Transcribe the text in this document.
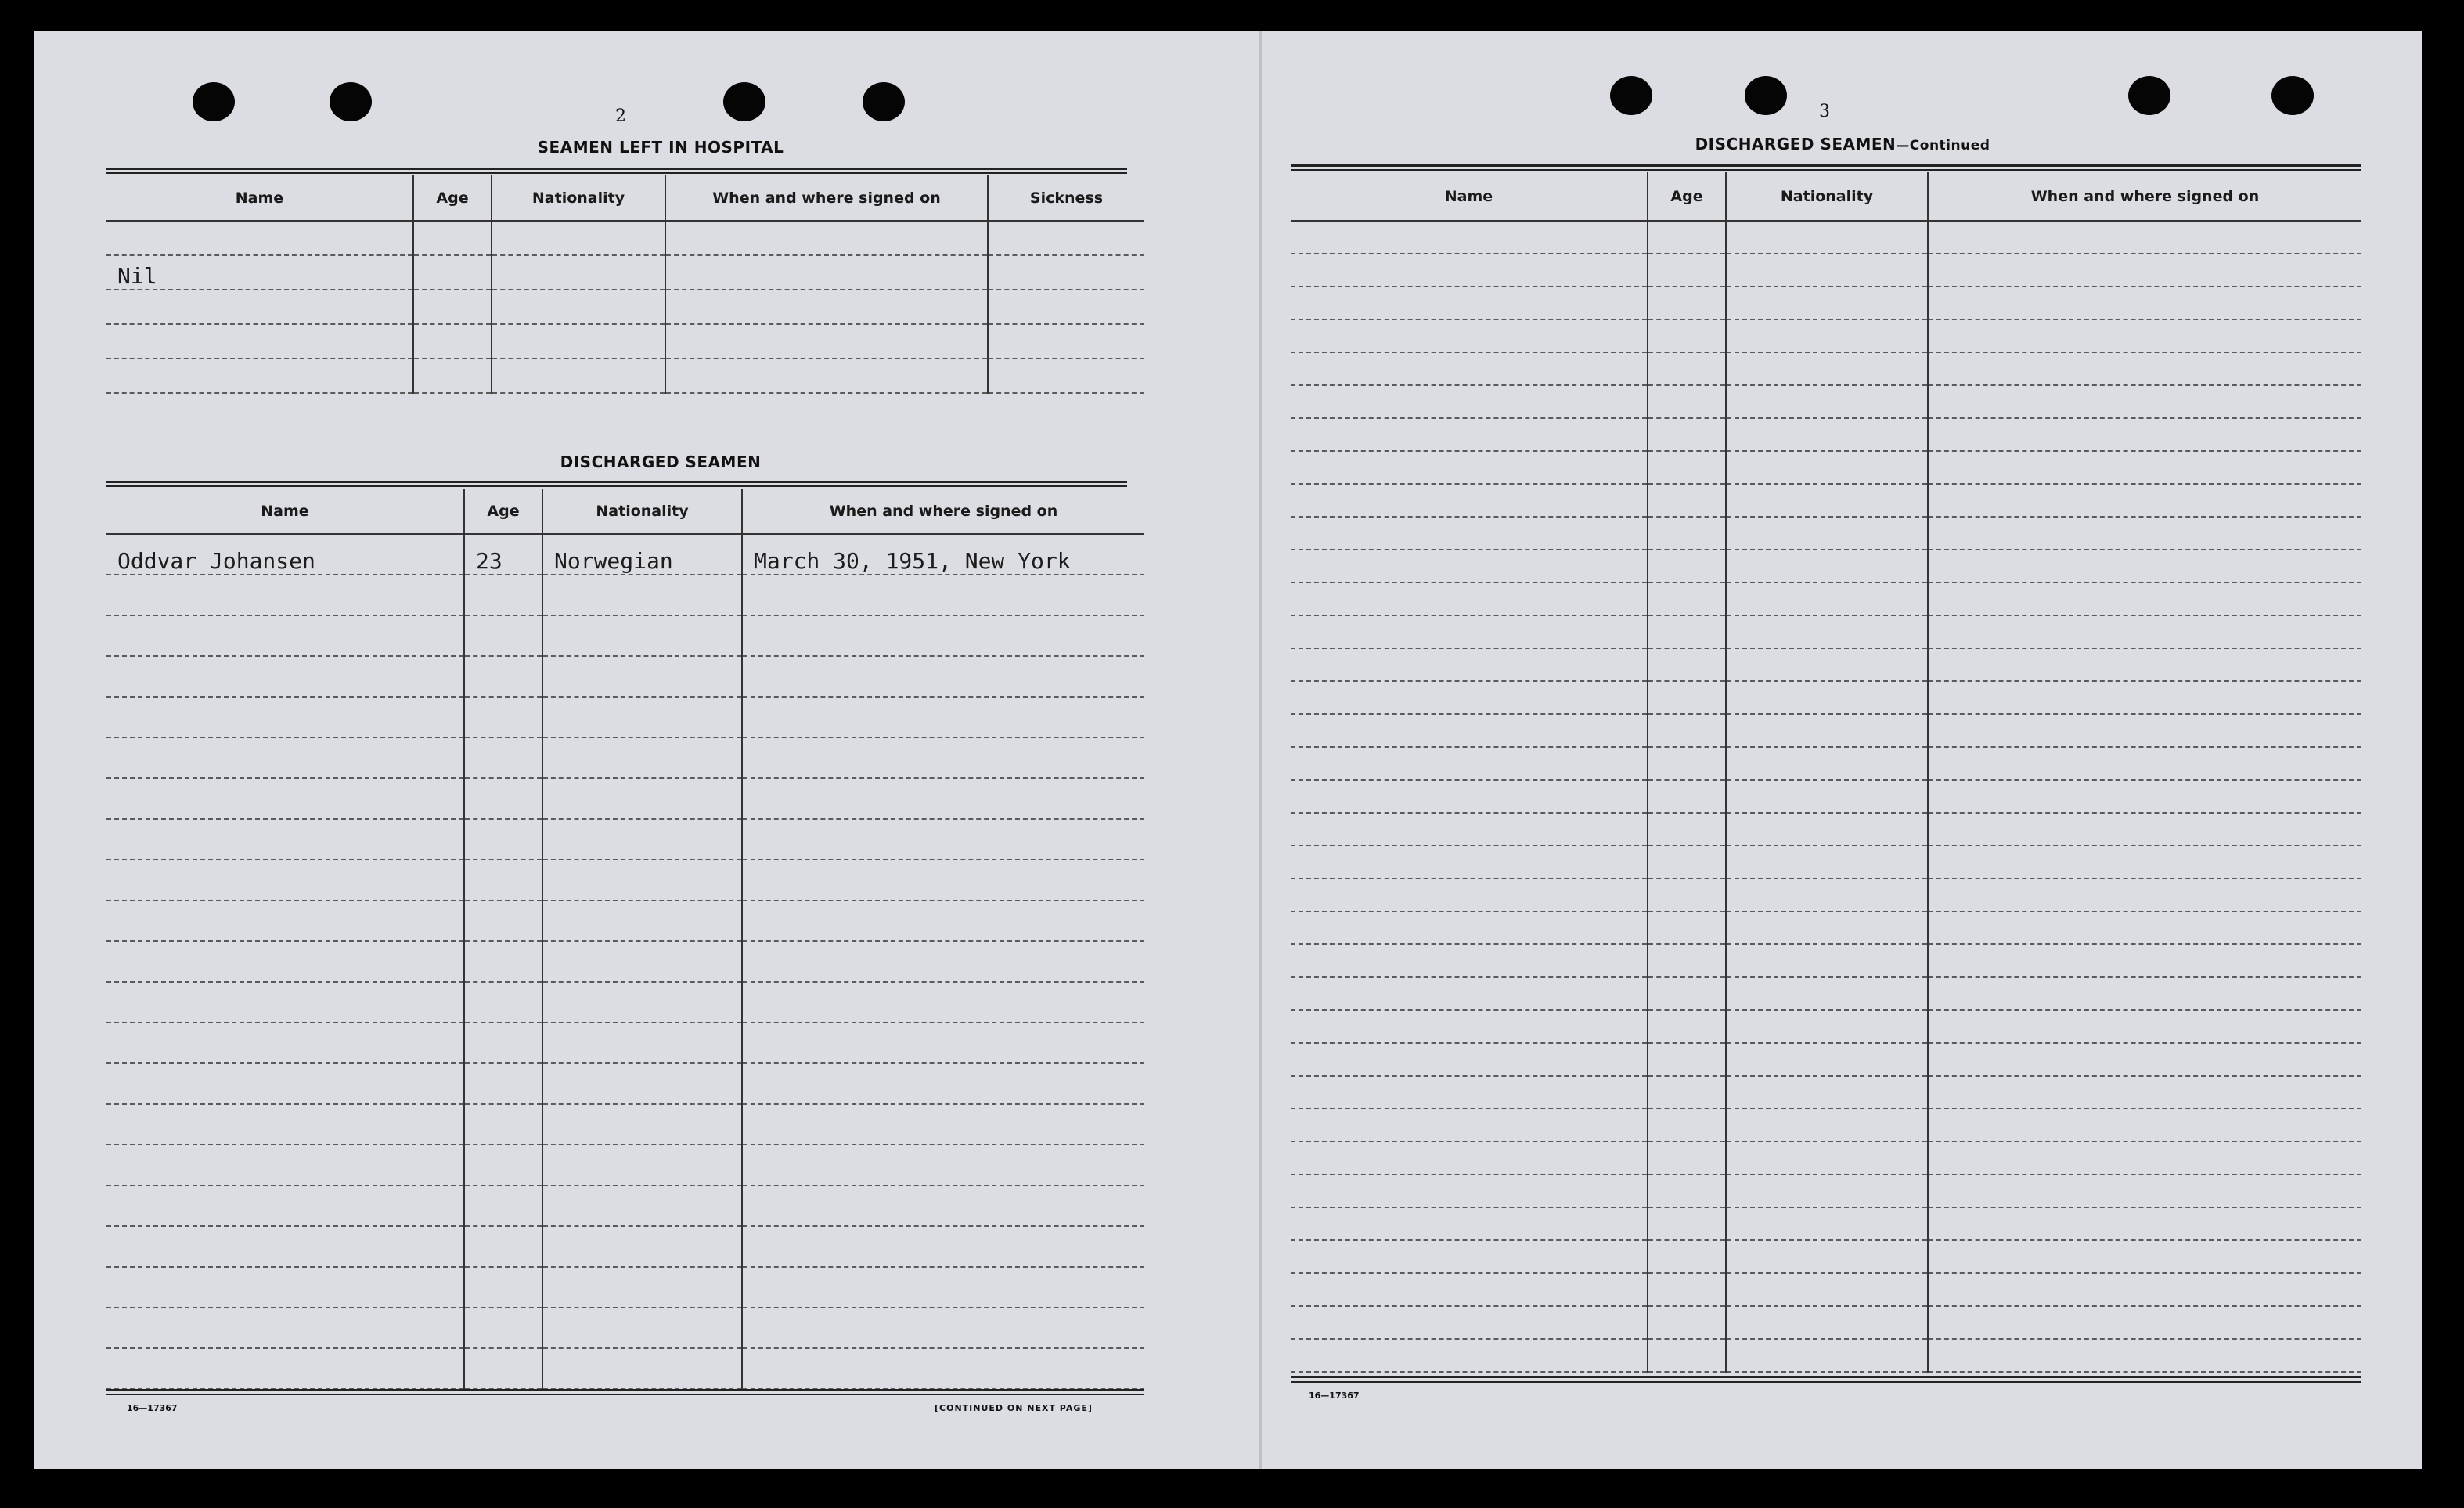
2
SEAMEN LEFT IN HOSPITAL
Name	Age	Nationality	When and where signed on	Sickness

Nil				

DISCHARGED SEAMEN
Name	Age	Nationality	When and where signed on
Oddvar Johansen	23	Norwegian	March 30, 1951, New York

16—17367	[CONTINUED ON NEXT PAGE]
3
DISCHARGED SEAMEN—Continued
Name	Age	Nationality	When and where signed on

16—17367
